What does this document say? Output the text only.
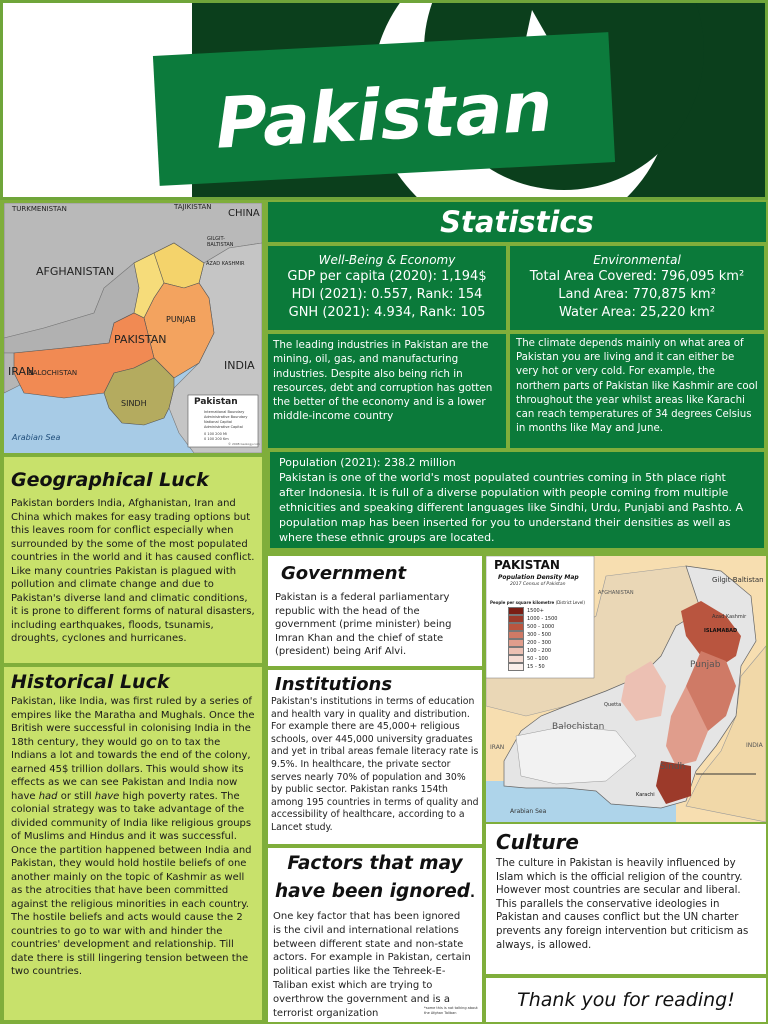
Pakistan
TURKMENISTAN	TAJIKISTAN
CHINA
AFGHANISTAN
PAKISTAN
INDIA
IRAN
Arabian Sea
GILGIT-BALTISTAN
AZAD KASHMIR
PUNJAB
BALOCHISTAN
SINDH	Pakistan
International Boundary
Administrative Boundary
National Capital
Administrative Capital
0 100 200 Mi
0 100 200 Km
© 2008 Geology.com
Geographical Luck

Pakistan borders India, Afghanistan, Iran and China which makes for easy trading options but this leaves room for conflict especially when surrounded by the some of the most populated countries in the world and it has caused conflict. Like many countries Pakistan is plagued with pollution and climate change and due to Pakistan's diverse land and climatic conditions, it is prone to different forms of natural disasters, including earthquakes, floods, tsunamis, droughts, cyclones and hurricanes.

Historical Luck

Pakistan, like India, was first ruled by a series of empires like the Maratha and Mughals. Once the British were successful in colonising India in the 18th century, they would go on to tax the Indians a lot and towards the end of the colony, earned 45$ trillion dollars. This would show its effects as we can see Pakistan and India now have had or still have high poverty rates. The colonial strategy was to take advantage of the divided community of India like religious groups of Muslims and Hindus and it was successful. Once the partition happened between India and Pakistan, they would hold hostile beliefs of one another mainly on the topic of Kashmir as well as the atrocities that have been committed against the religious minorities in each country. The hostile beliefs and acts would cause the 2 countries to go to war with and hinder the countries' development and relationship. Till date there is still lingering tension between the two countries.

Statistics
Well-Being & Economy
GDP per capita (2020): 1,194$
HDI (2021): 0.557, Rank: 154
GNH (2021): 4.934, Rank: 105
Environmental
Total Area Covered: 796,095 km²
Land Area: 770,875 km²
Water Area: 25,220 km²

The leading industries in Pakistan are the mining, oil, gas, and manufacturing industries. Despite also being rich in resources, debt and corruption has gotten the better of the economy and is a lower middle-income country

The climate depends mainly on what area of Pakistan you are living and it can either be very hot or very cold. For example, the northern parts of Pakistan like Kashmir are cool throughout the year whilst areas like Karachi can reach temperatures of 34 degrees Celsius in months like May and June.

Population (2021): 238.2 million

Pakistan is one of the world's most populated countries coming in 5th place right after Indonesia. It is full of a diverse population with people coming from multiple ethnicities and speaking different languages like Sindhi, Urdu, Punjabi and Pashto. A population map has been inserted for you to understand their densities as well as where these ethnic groups are located.

Government

Pakistan is a federal parliamentary republic with the head of the government (prime minister) being Imran Khan and the chief of state (president) being Arif Alvi.

Institutions

Pakistan's institutions in terms of education and health vary in quality and distribution. For example there are 45,000+ religious schools, over 445,000 university graduates and yet in tribal areas female literacy rate is 9.5%. In healthcare, the private sector serves nearly 70% of population and 30% by public sector. Pakistan ranks 154th among 195 countries in terms of quality and accessibility of healthcare, according to a Lancet study.

Factors that may
have been ignored.

One key factor that has been ignored is the civil and international relations between different state and non-state actors. For example in Pakistan, certain political parties like the Tehreek-E-Taliban exist which are trying to overthrow the government and is a terrorist organization	*some this is not talking about the Afghan Taliban
PAKISTAN
Population Density Map
2017 Census of Pakistan
People per square kilometre (District Level)
1500+
1000 - 1500
500 - 1000
300 - 500
200 - 300
100 - 200
50 - 100
15 - 50
AFGHANISTAN
Gilgit-Baltistan
Azad Kashmir
ISLAMABAD
Punjab
Balochistan
Quetta
Sindh
IRAN	INDIA
Arabian Sea
Karachi
Culture

The culture in Pakistan is heavily influenced by Islam which is the official religion of the country. However most countries are secular and liberal. This parallels the conservative ideologies in Pakistan and causes conflict but the UN charter prevents any foreign intervention but criticism as always, is allowed.

Thank you for reading!
